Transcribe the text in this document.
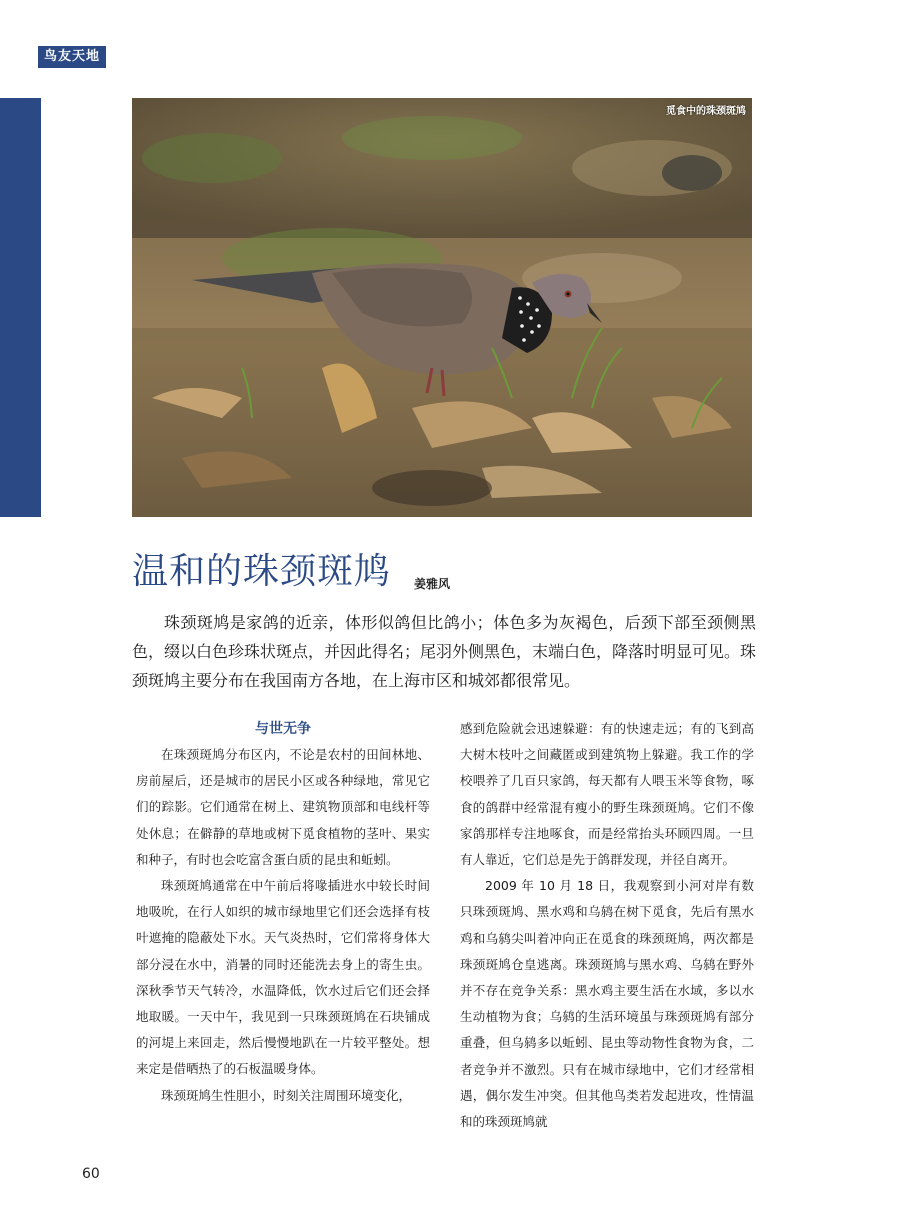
鸟友天地
觅食中的珠颈斑鸠
温和的珠颈斑鸠 姜雅风

珠颈斑鸠是家鸽的近亲，体形似鸽但比鸽小；体色多为灰褐色，后颈下部至颈侧黑色，缀以白色珍珠状斑点，并因此得名；尾羽外侧黑色，末端白色，降落时明显可见。珠颈斑鸠主要分布在我国南方各地，在上海市区和城郊都很常见。

与世无争

在珠颈斑鸠分布区内，不论是农村的田间林地、房前屋后，还是城市的居民小区或各种绿地，常见它们的踪影。它们通常在树上、建筑物顶部和电线杆等处休息；在僻静的草地或树下觅食植物的茎叶、果实和种子，有时也会吃富含蛋白质的昆虫和蚯蚓。

珠颈斑鸠通常在中午前后将喙插进水中较长时间地吸吮，在行人如织的城市绿地里它们还会选择有枝叶遮掩的隐蔽处下水。天气炎热时，它们常将身体大部分浸在水中，消暑的同时还能洗去身上的寄生虫。深秋季节天气转冷，水温降低，饮水过后它们还会择地取暖。一天中午，我见到一只珠颈斑鸠在石块铺成的河堤上来回走，然后慢慢地趴在一片较平整处。想来定是借晒热了的石板温暖身体。

珠颈斑鸠生性胆小，时刻关注周围环境变化，

感到危险就会迅速躲避：有的快速走远；有的飞到高大树木枝叶之间藏匿或到建筑物上躲避。我工作的学校喂养了几百只家鸽，每天都有人喂玉米等食物，啄食的鸽群中经常混有瘦小的野生珠颈斑鸠。它们不像家鸽那样专注地啄食，而是经常抬头环顾四周。一旦有人靠近，它们总是先于鸽群发现，并径自离开。

2009 年 10 月 18 日，我观察到小河对岸有数只珠颈斑鸠、黑水鸡和乌鸫在树下觅食，先后有黑水鸡和乌鸫尖叫着冲向正在觅食的珠颈斑鸠，两次都是珠颈斑鸠仓皇逃离。珠颈斑鸠与黑水鸡、乌鸫在野外并不存在竞争关系：黑水鸡主要生活在水域，多以水生动植物为食；乌鸫的生活环境虽与珠颈斑鸠有部分重叠，但乌鸫多以蚯蚓、昆虫等动物性食物为食，二者竞争并不激烈。只有在城市绿地中，它们才经常相遇，偶尔发生冲突。但其他鸟类若发起进攻，性情温和的珠颈斑鸠就

60
